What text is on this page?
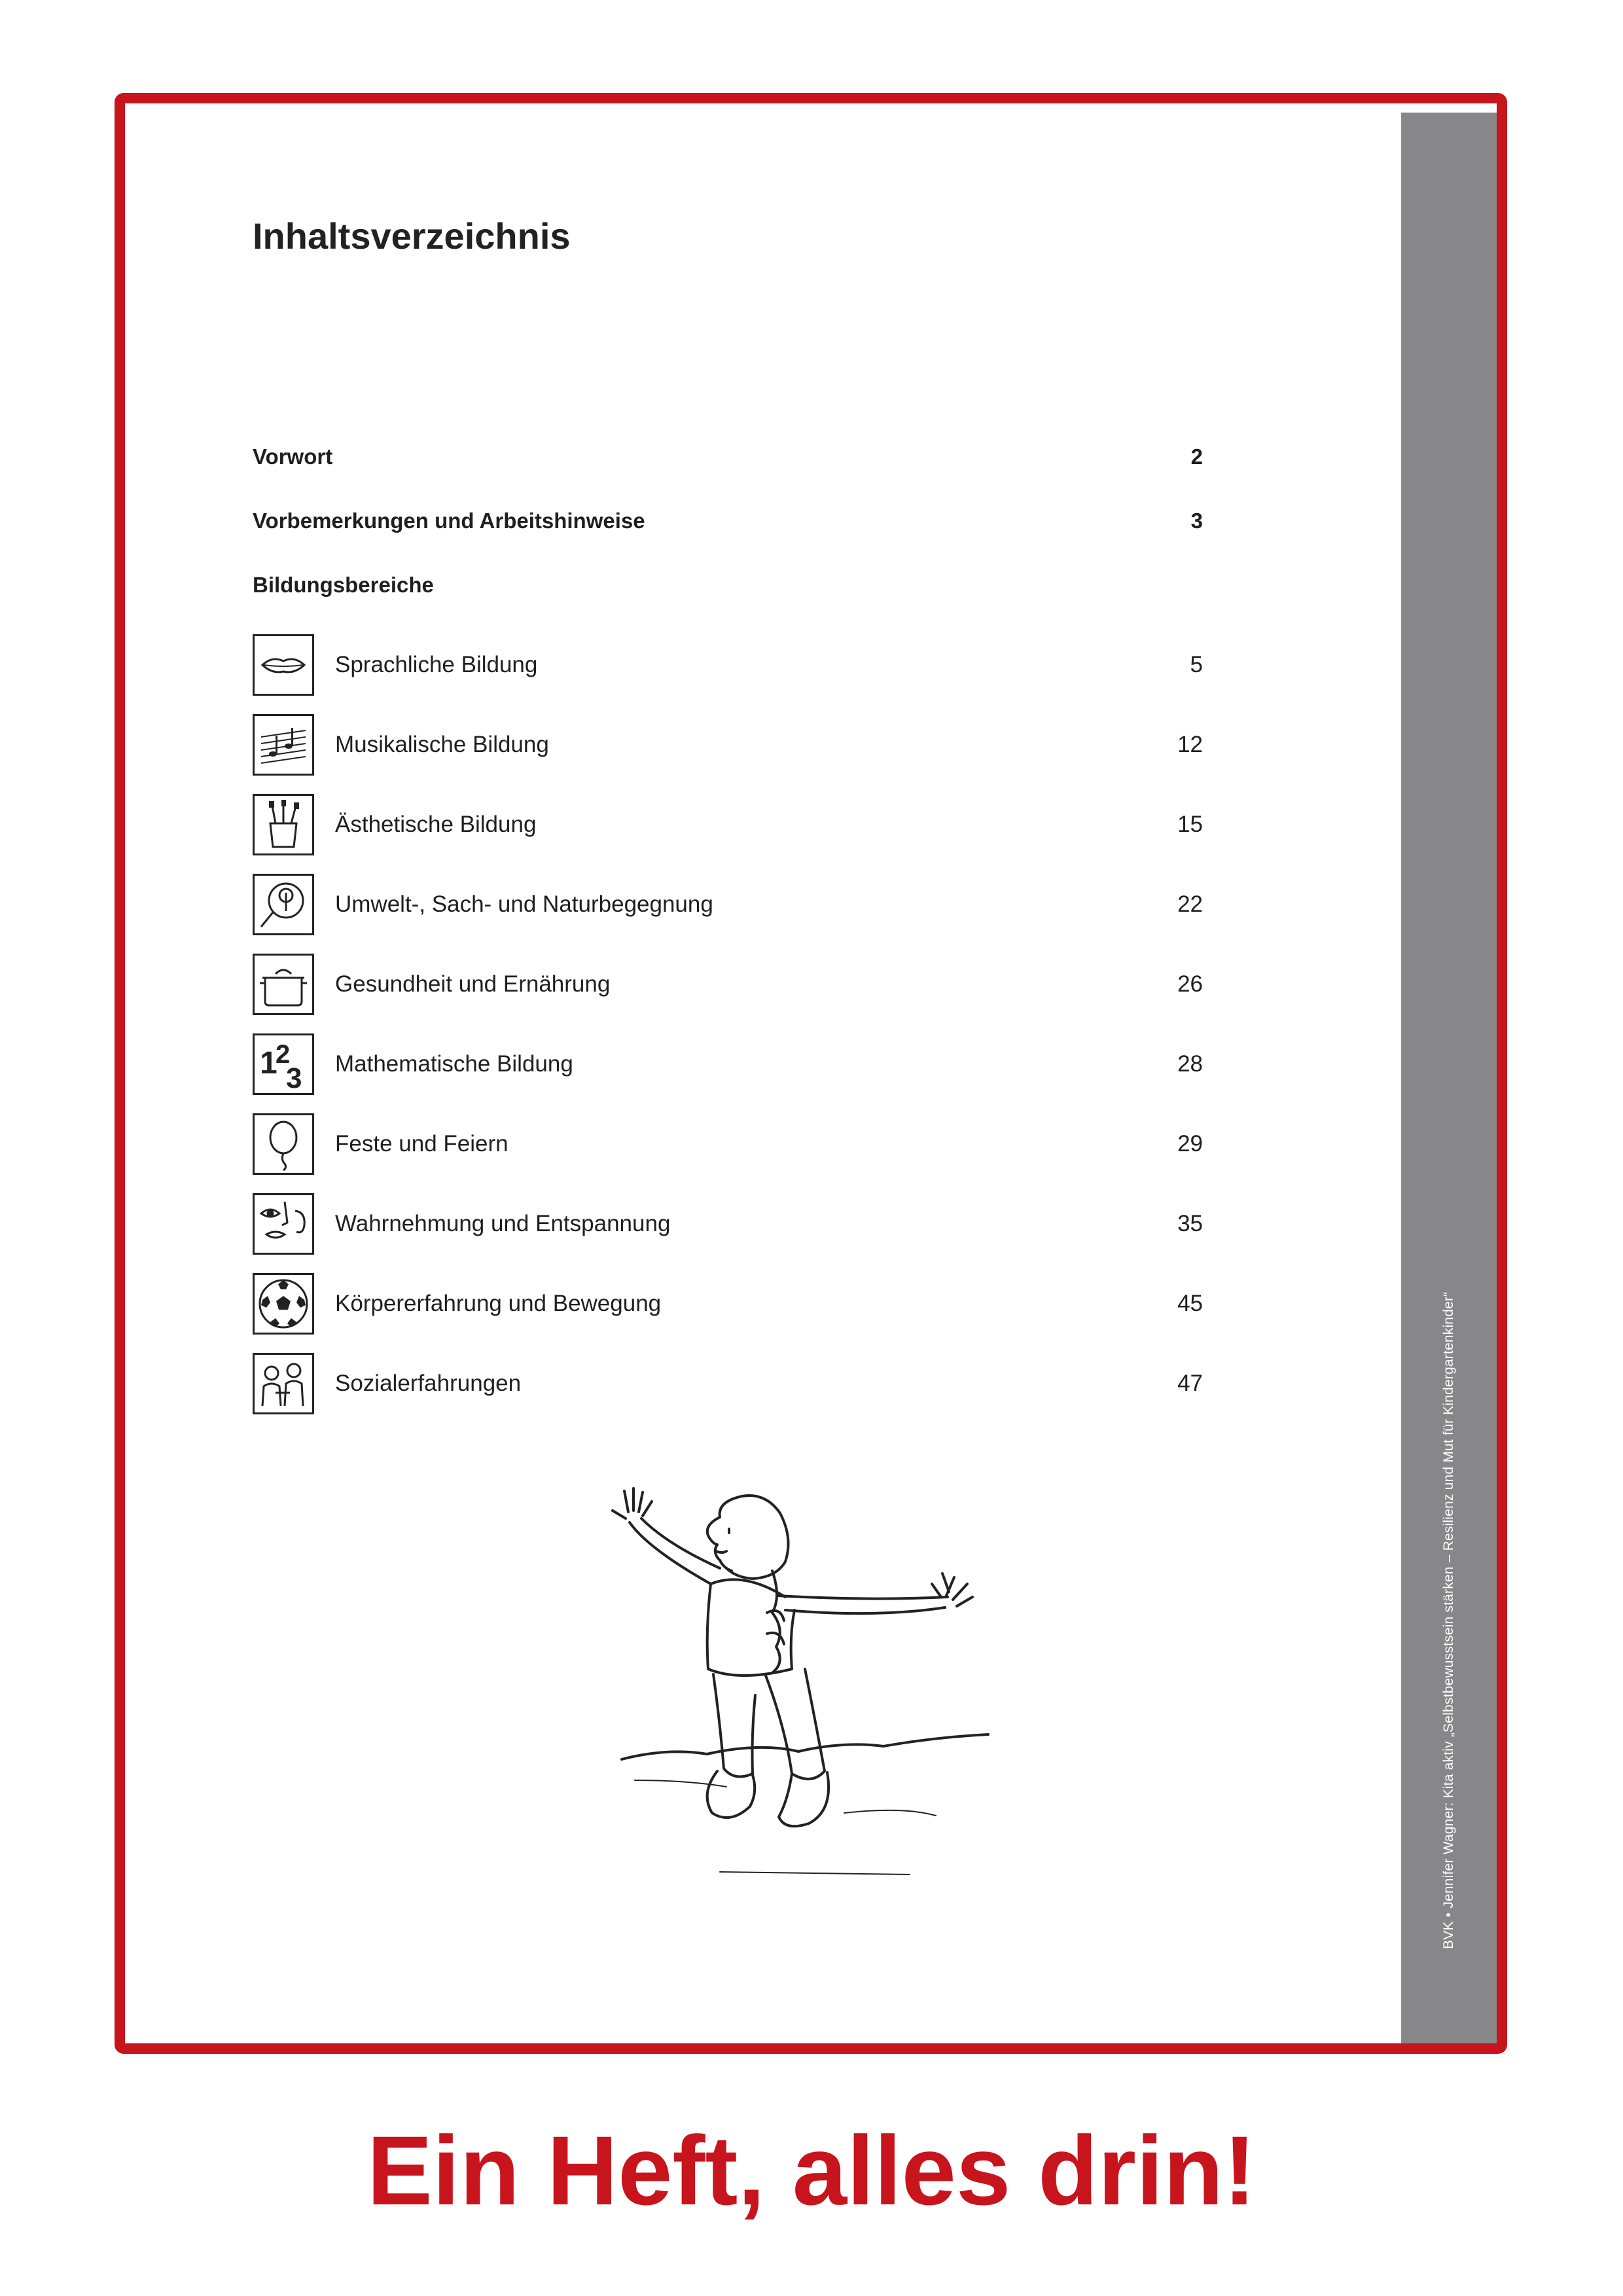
BVK • Jennifer Wagner: Kita aktiv „Selbstbewusstsein stärken – Resilienz und Mut für Kindergartenkinder“
Inhaltsverzeichnis
Vorwort	2
Vorbemerkungen und Arbeitshinweise	3
Bildungsbereiche
Sprachliche Bildung	5
Musikalische Bildung	12
Ästhetische Bildung	15
Umwelt-, Sach- und Naturbegegnung	22
Gesundheit und Ernährung	26
1
2
3 Mathematische Bildung	28
Feste und Feiern	29
Wahrnehmung und Entspannung	35
Körpererfahrung und Bewegung	45
Sozialerfahrungen	47
Ein Heft, alles drin!
